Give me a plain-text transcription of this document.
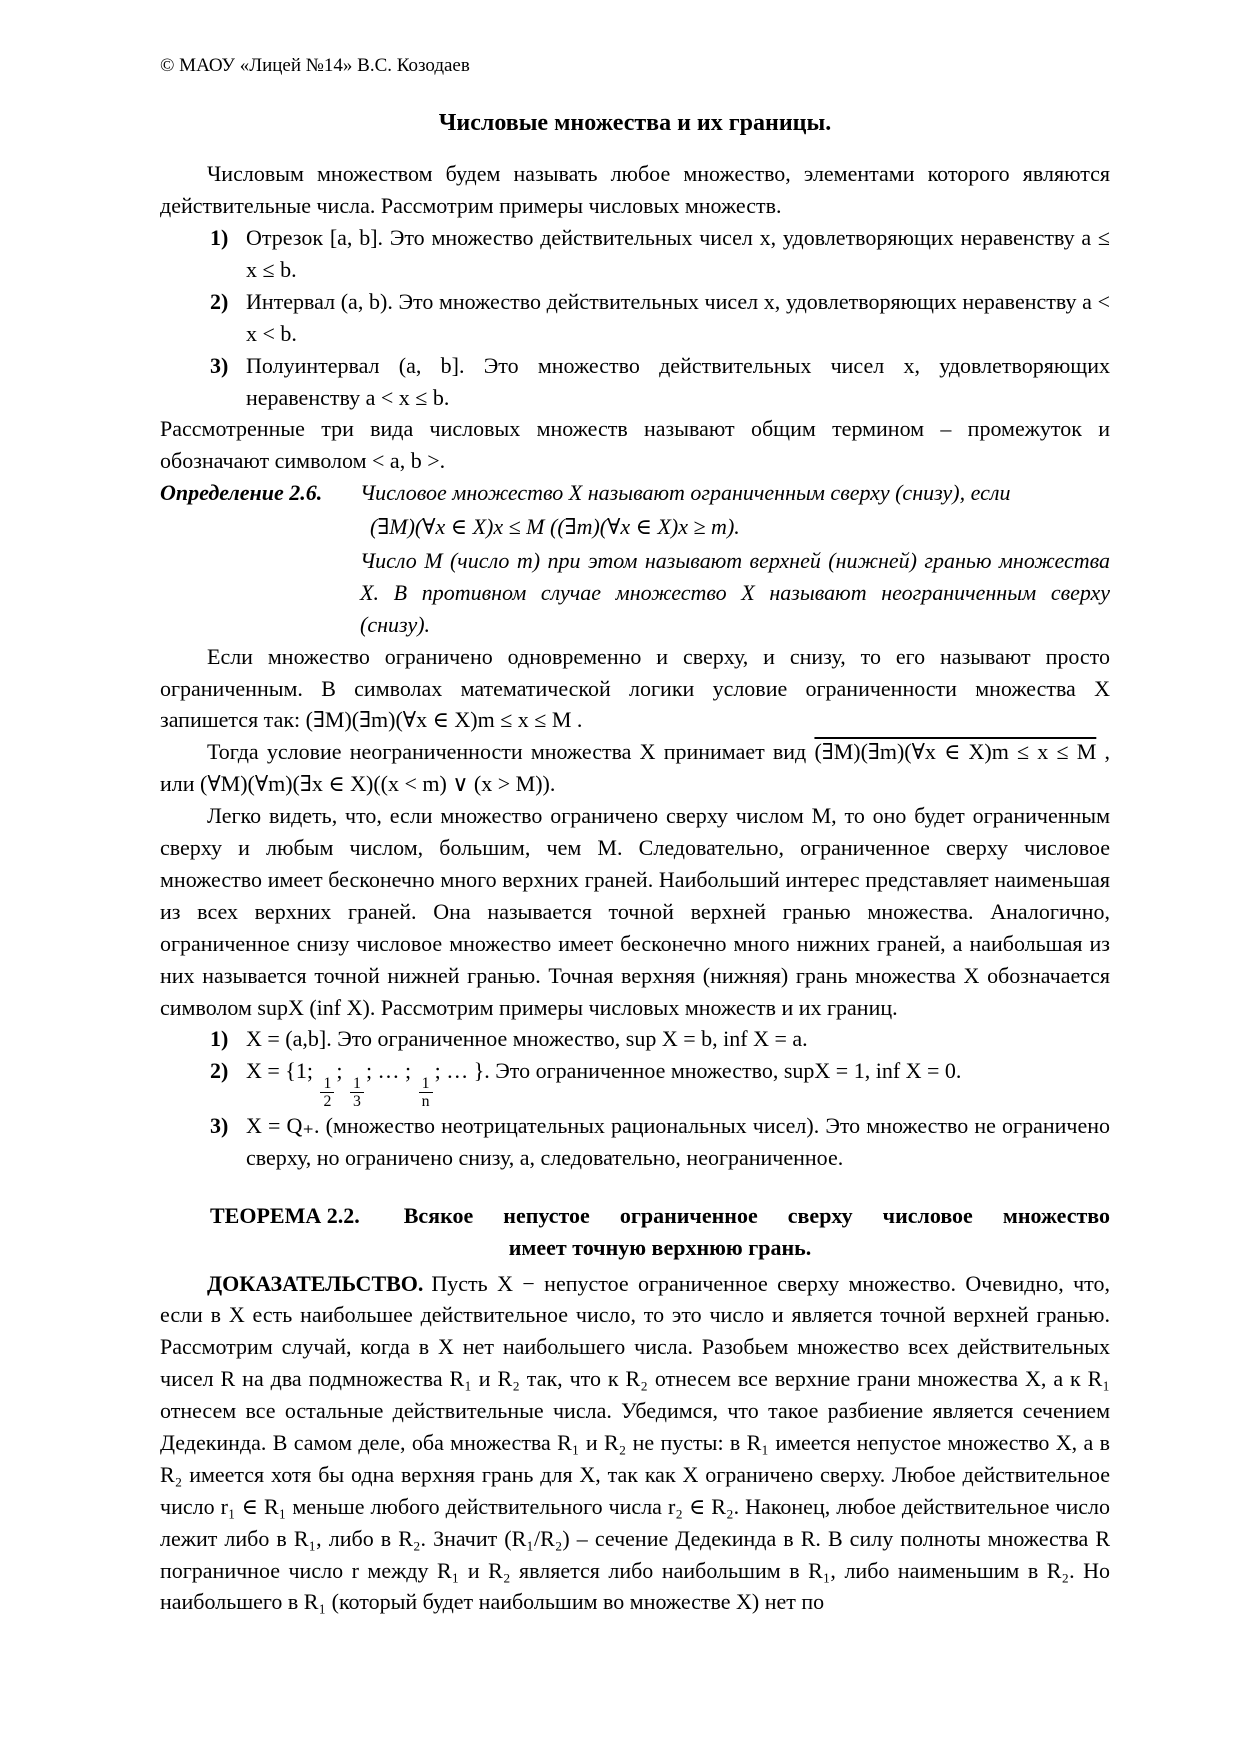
© МАОУ «Лицей №14» В.С. Козодаев

Числовые множества и их границы.

Числовым множеством будем называть любое множество, элементами которого являются действительные числа. Рассмотрим примеры числовых множеств.

1) Отрезок [a, b]. Это множество действительных чисел x, удовлетворяющих неравенству a ≤ x ≤ b.
2) Интервал (a, b). Это множество действительных чисел x, удовлетворяющих неравенству a < x < b.
3) Полуинтервал (a, b]. Это множество действительных чисел x, удовлетворяющих неравенству a < x ≤ b.

Рассмотренные три вида числовых множеств называют общим термином – промежуток и обозначают символом < a, b >.

Определение 2.6.	Числовое множество X называют ограниченным сверху (снизу), если
(∃M)(∀x ∈ X)x ≤ M ((∃m)(∀x ∈ X)x ≥ m).
Число M (число m) при этом называют верхней (нижней) гранью множества X. В противном случае множество X называют неограниченным сверху (снизу).

Если множество ограничено одновременно и сверху, и снизу, то его называют просто ограниченным. В символах математической логики условие ограниченности множества X запишется так: (∃M)(∃m)(∀x ∈ X)m ≤ x ≤ M .

Тогда условие неограниченности множества X принимает вид (∃M)(∃m)(∀x ∈ X)m ≤ x ≤ M , или (∀M)(∀m)(∃x ∈ X)((x < m) ∨ (x > M)).

Легко видеть, что, если множество ограничено сверху числом M, то оно будет ограниченным сверху и любым числом, большим, чем M. Следовательно, ограниченное сверху числовое множество имеет бесконечно много верхних граней. Наибольший интерес представляет наименьшая из всех верхних граней. Она называется точной верхней гранью множества. Аналогично, ограниченное снизу числовое множество имеет бесконечно много нижних граней, а наибольшая из них называется точной нижней гранью. Точная верхняя (нижняя) грань множества X обозначается символом supX (inf X). Рассмотрим примеры числовых множеств и их границ.

1) X = (a,b]. Это ограниченное множество, sup X = b, inf X = a.
2) X = {1;
$\frac{1}{2}$
;
$\frac{1}{3}$
; … ;
$\frac{1}{n}$
; … }. Это ограниченное множество, supX = 1, inf X = 0.
3) X = Q₊. (множество неотрицательных рациональных чисел). Это множество не ограничено сверху, но ограничено снизу, а, следовательно, неограниченное.
ТЕОРЕМА 2.2. Всякое непустое ограниченное сверху числовое множество
имеет точную верхнюю грань.

ДОКАЗАТЕЛЬСТВО. Пусть X − непустое ограниченное сверху множество. Очевидно, что, если в X есть наибольшее действительное число, то это число и является точной верхней гранью. Рассмотрим случай, когда в X нет наибольшего числа. Разобьем множество всех действительных чисел R на два подмножества R₁ и R₂ так, что к R₂ отнесем все верхние грани множества X, а к R₁ отнесем все остальные действительные числа. Убедимся, что такое разбиение является сечением Дедекинда. В самом деле, оба множества R₁ и R₂ не пусты: в R₁ имеется непустое множество X, а в R₂ имеется хотя бы одна верхняя грань для X, так как X ограничено сверху. Любое действительное число r₁ ∈ R₁ меньше любого действительного числа r₂ ∈ R₂. Наконец, любое действительное число лежит либо в R₁, либо в R₂. Значит (R₁/R₂) – сечение Дедекинда в R. В силу полноты множества R пограничное число r между R₁ и R₂ является либо наибольшим в R₁, либо наименьшим в R₂. Но наибольшего в R₁ (который будет наибольшим во множестве X) нет по
